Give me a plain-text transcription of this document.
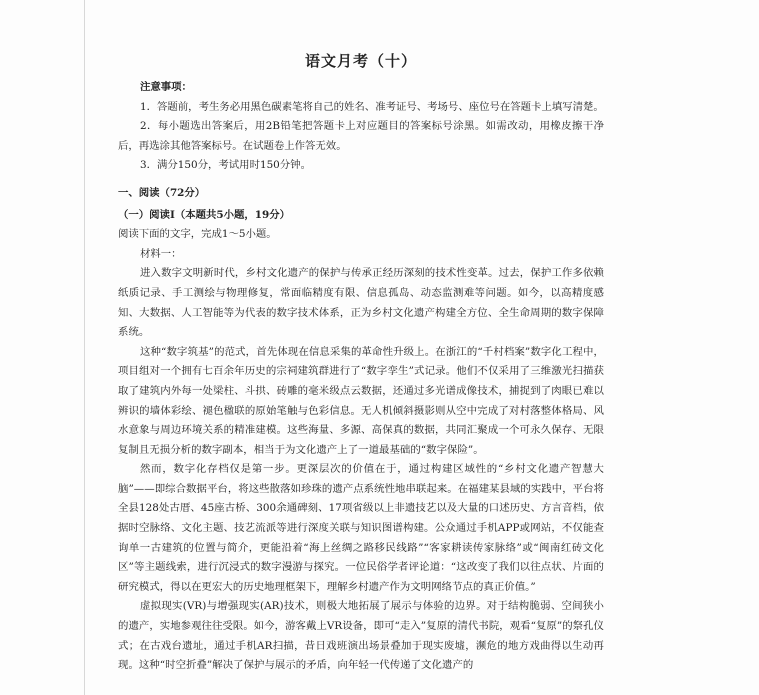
语文月考（十）
注意事项：
1．答题前，考生务必用黑色碳素笔将自己的姓名、准考证号、考场号、座位号在答题卡上填写清楚。
2．每小题选出答案后，用2B铅笔把答题卡上对应题目的答案标号涂黑。如需改动，用橡皮擦干净后，再选涂其他答案标号。在试题卷上作答无效。
3．满分150分，考试用时150分钟。
一、阅读（72分）
（一）阅读Ⅰ（本题共5小题，19分）
阅读下面的文字，完成1～5小题。
材料一：
进入数字文明新时代，乡村文化遗产的保护与传承正经历深刻的技术性变革。过去，保护工作多依赖纸质记录、手工测绘与物理修复，常面临精度有限、信息孤岛、动态监测难等问题。如今，以高精度感知、大数据、人工智能等为代表的数字技术体系，正为乡村文化遗产构建全方位、全生命周期的数字保障系统。
这种“数字筑基”的范式，首先体现在信息采集的革命性升级上。在浙江的“千村档案”数字化工程中，项目组对一个拥有七百余年历史的宗祠建筑群进行了“数字孪生”式记录。他们不仅采用了三维激光扫描获取了建筑内外每一处梁柱、斗拱、砖雕的毫米级点云数据，还通过多光谱成像技术，捕捉到了肉眼已难以辨识的墙体彩绘、褪色楹联的原始笔触与色彩信息。无人机倾斜摄影则从空中完成了对村落整体格局、风水意象与周边环境关系的精准建模。这些海量、多源、高保真的数据，共同汇聚成一个可永久保存、无限复制且无损分析的数字副本，相当于为文化遗产上了一道最基础的“数字保险”。
然而，数字化存档仅是第一步。更深层次的价值在于，通过构建区域性的“乡村文化遗产智慧大脑”——即综合数据平台，将这些散落如珍珠的遗产点系统性地串联起来。在福建某县域的实践中，平台将全县128处古厝、45座古桥、300余通碑刻、17项省级以上非遗技艺以及大量的口述历史、方言音档，依据时空脉络、文化主题、技艺流派等进行深度关联与知识图谱构建。公众通过手机APP或网站，不仅能查询单一古建筑的位置与简介，更能沿着“海上丝绸之路移民线路”“客家耕读传家脉络”或“闽南红砖文化区”等主题线索，进行沉浸式的数字漫游与探究。一位民俗学者评论道：“这改变了我们以往点状、片面的研究模式，得以在更宏大的历史地理框架下，理解乡村遗产作为文明网络节点的真正价值。”
虚拟现实(VR)与增强现实(AR)技术，则极大地拓展了展示与体验的边界。对于结构脆弱、空间狭小的遗产，实地参观往往受限。如今，游客戴上VR设备，即可“走入”复原的清代书院，观看“复原”的祭孔仪式；在古戏台遗址，通过手机AR扫描，昔日戏班演出场景叠加于现实废墟，濒危的地方戏曲得以生动再现。这种“时空折叠”解决了保护与展示的矛盾，向年轻一代传递了文化遗产的
